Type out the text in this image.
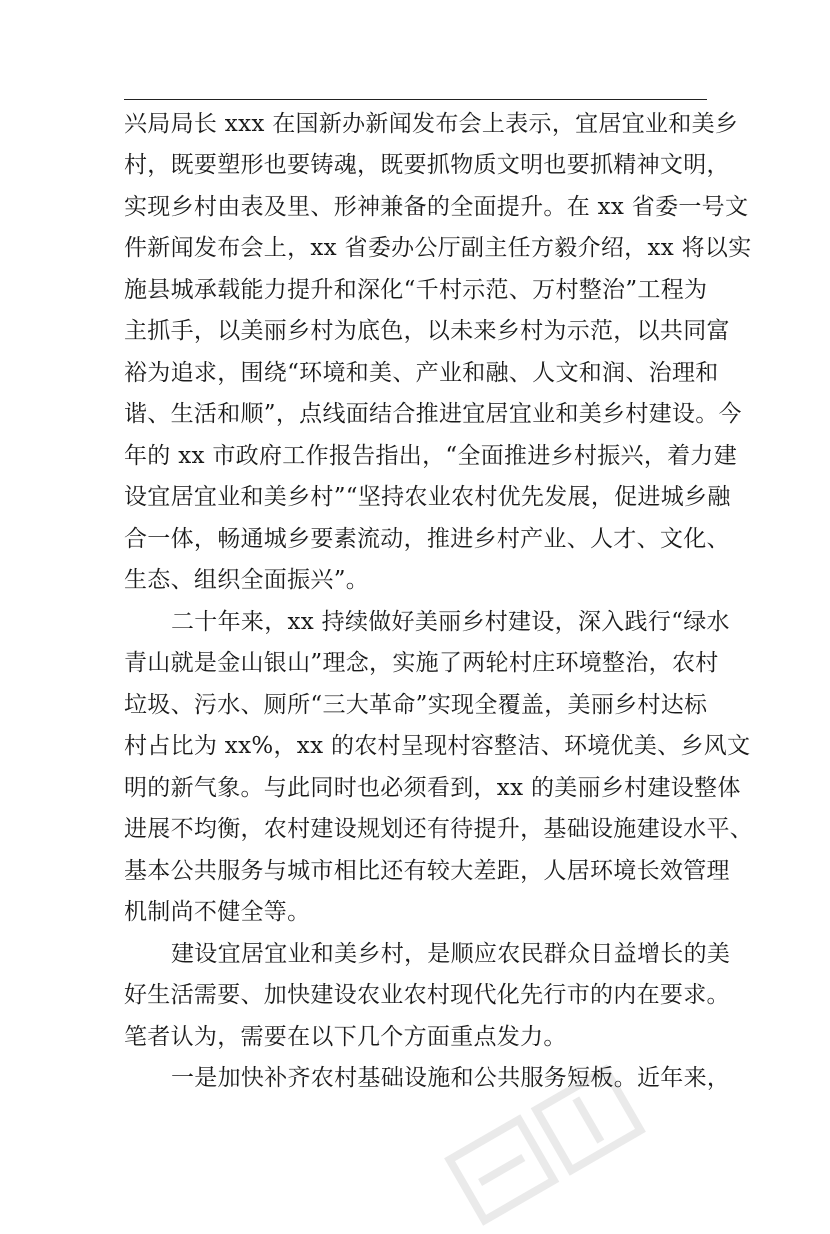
兴局局长 xxx 在国新办新闻发布会上表示，宜居宜业和美乡
村，既要塑形也要铸魂，既要抓物质文明也要抓精神文明，
实现乡村由表及里、形神兼备的全面提升。在 xx 省委一号文
件新闻发布会上，xx 省委办公厅副主任方毅介绍，xx 将以实
施县城承载能力提升和深化“千村示范、万村整治”工程为
主抓手，以美丽乡村为底色，以未来乡村为示范，以共同富
裕为追求，围绕“环境和美、产业和融、人文和润、治理和
谐、生活和顺”，点线面结合推进宜居宜业和美乡村建设。今
年的 xx 市政府工作报告指出，“全面推进乡村振兴，着力建
设宜居宜业和美乡村”“坚持农业农村优先发展，促进城乡融
合一体，畅通城乡要素流动，推进乡村产业、人才、文化、
生态、组织全面振兴”。
二十年来，xx 持续做好美丽乡村建设，深入践行“绿水
青山就是金山银山”理念，实施了两轮村庄环境整治，农村
垃圾、污水、厕所“三大革命”实现全覆盖，美丽乡村达标
村占比为 xx%，xx 的农村呈现村容整洁、环境优美、乡风文
明的新气象。与此同时也必须看到，xx 的美丽乡村建设整体
进展不均衡，农村建设规划还有待提升，基础设施建设水平、
基本公共服务与城市相比还有较大差距，人居环境长效管理
机制尚不健全等。
建设宜居宜业和美乡村，是顺应农民群众日益增长的美
好生活需要、加快建设农业农村现代化先行市的内在要求。
笔者认为，需要在以下几个方面重点发力。
一是加快补齐农村基础设施和公共服务短板。近年来，
